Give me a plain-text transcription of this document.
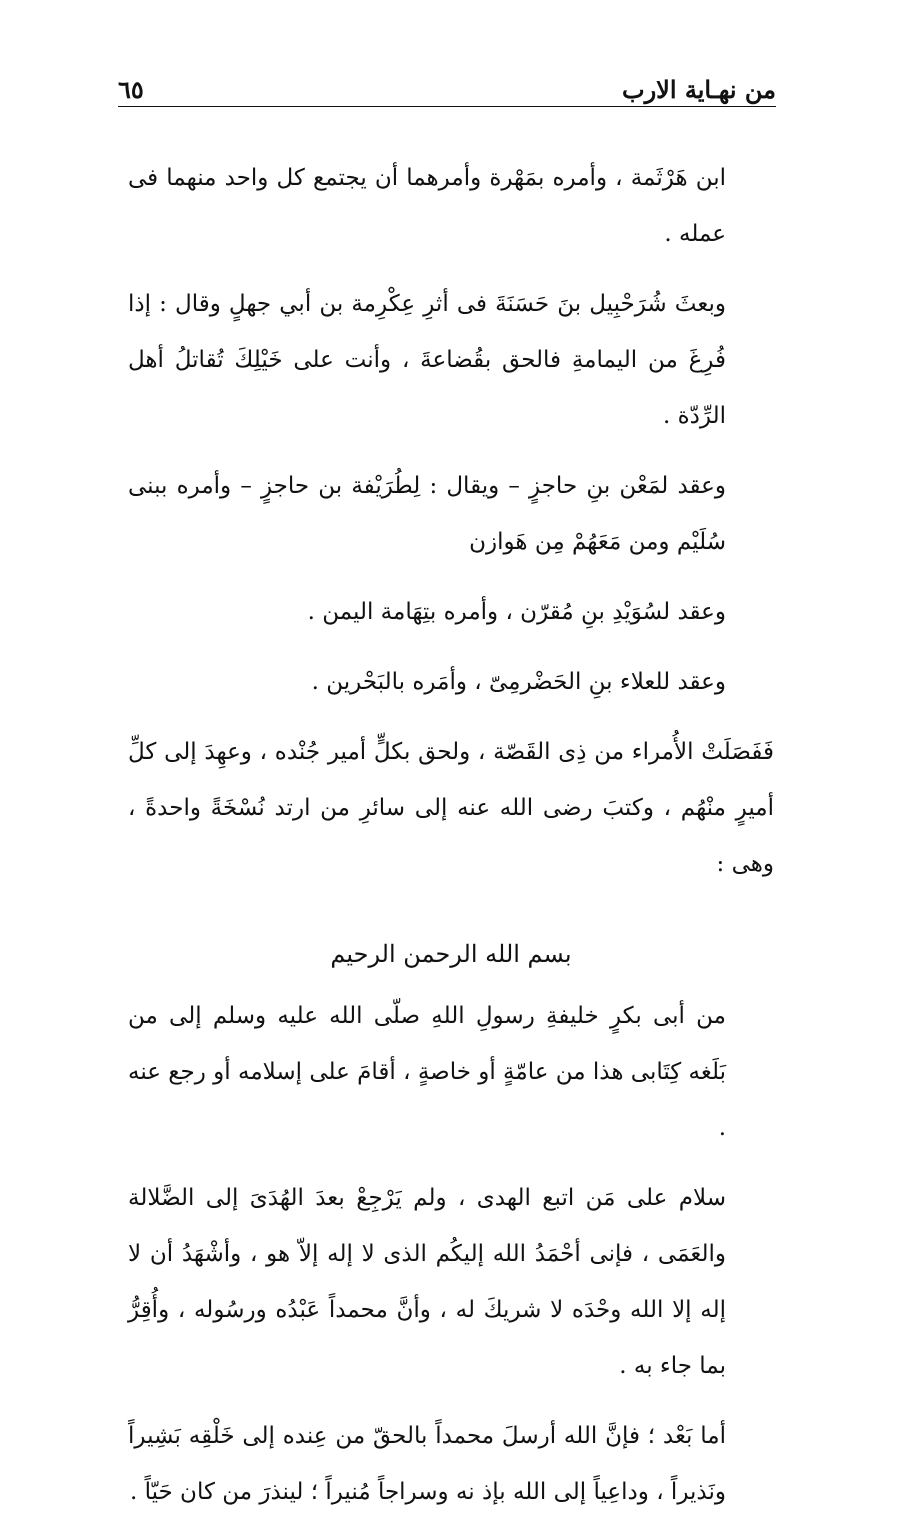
من نهـاية الارب
٦٥

ابن هَرْثَمة ، وأمره بمَهْرة وأمرهما أن يجتمع كل واحد منهما فى عمله .

وبعثَ شُرَحْبِيل بنَ حَسَنَةَ فى أثرِ عِكْرِمة بن أبي جهلٍ وقال : إذا فُرِغَ من اليمامةِ فالحق بقُضاعةَ ، وأنت على خَيْلِكَ تُقاتلُ أهل الرِّدّة .

وعقد لمَعْن بنِ حاجزٍ – ويقال : لِطُرَيْفة بن حاجزٍ – وأمره ببنى سُلَيْم ومن مَعَهُمْ مِن هَوازن

وعقد لسُوَيْدِ بنِ مُقرّن ، وأمره بتِهَامة اليمن .

وعقد للعلاء بنِ الحَضْرمِىّ ، وأمَره بالبَحْرين .

فَفَصَلَتْ الأُمراء من ذِى القَصّة ، ولحق بكلٍّ أمير جُنْده ، وعهِدَ إلى كلِّ أميرٍ منْهُم ، وكتبَ رضى الله عنه إلى سائرِ من ارتد نُسْخَةً واحدةً ، وهى :

بسم الله الرحمن الرحيم

من أبى بكرٍ خليفةِ رسولِ اللهِ صلّى الله عليه وسلم إلى من بَلَغه كِتَابى هذا من عامّةٍ أو خاصةٍ ، أقامَ على إسلامه أو رجع عنه .

سلام على مَن اتبع الهدى ، ولم يَرْجِعْ بعدَ الهُدَىَ إلى الضَّلالة والعَمَى ، فإنى أحْمَدُ الله إليكُم الذى لا إله إلاّ هو ، وأشْهَدُ أن لا إله إلا الله وحْدَه لا شريكَ له ، وأنَّ محمداً عَبْدُه ورسُوله ، وأُقِرُّ بما جاء به .

أما بَعْد ؛ فإنَّ الله أرسلَ محمداً بالحقّ من عِنده إلى خَلْقِه بَشِيراً ونَذيراً ، وداعِياً إلى الله بإذ نه وسراجاً مُنيراً ؛ لينذرَ من كان حَيّاً .
